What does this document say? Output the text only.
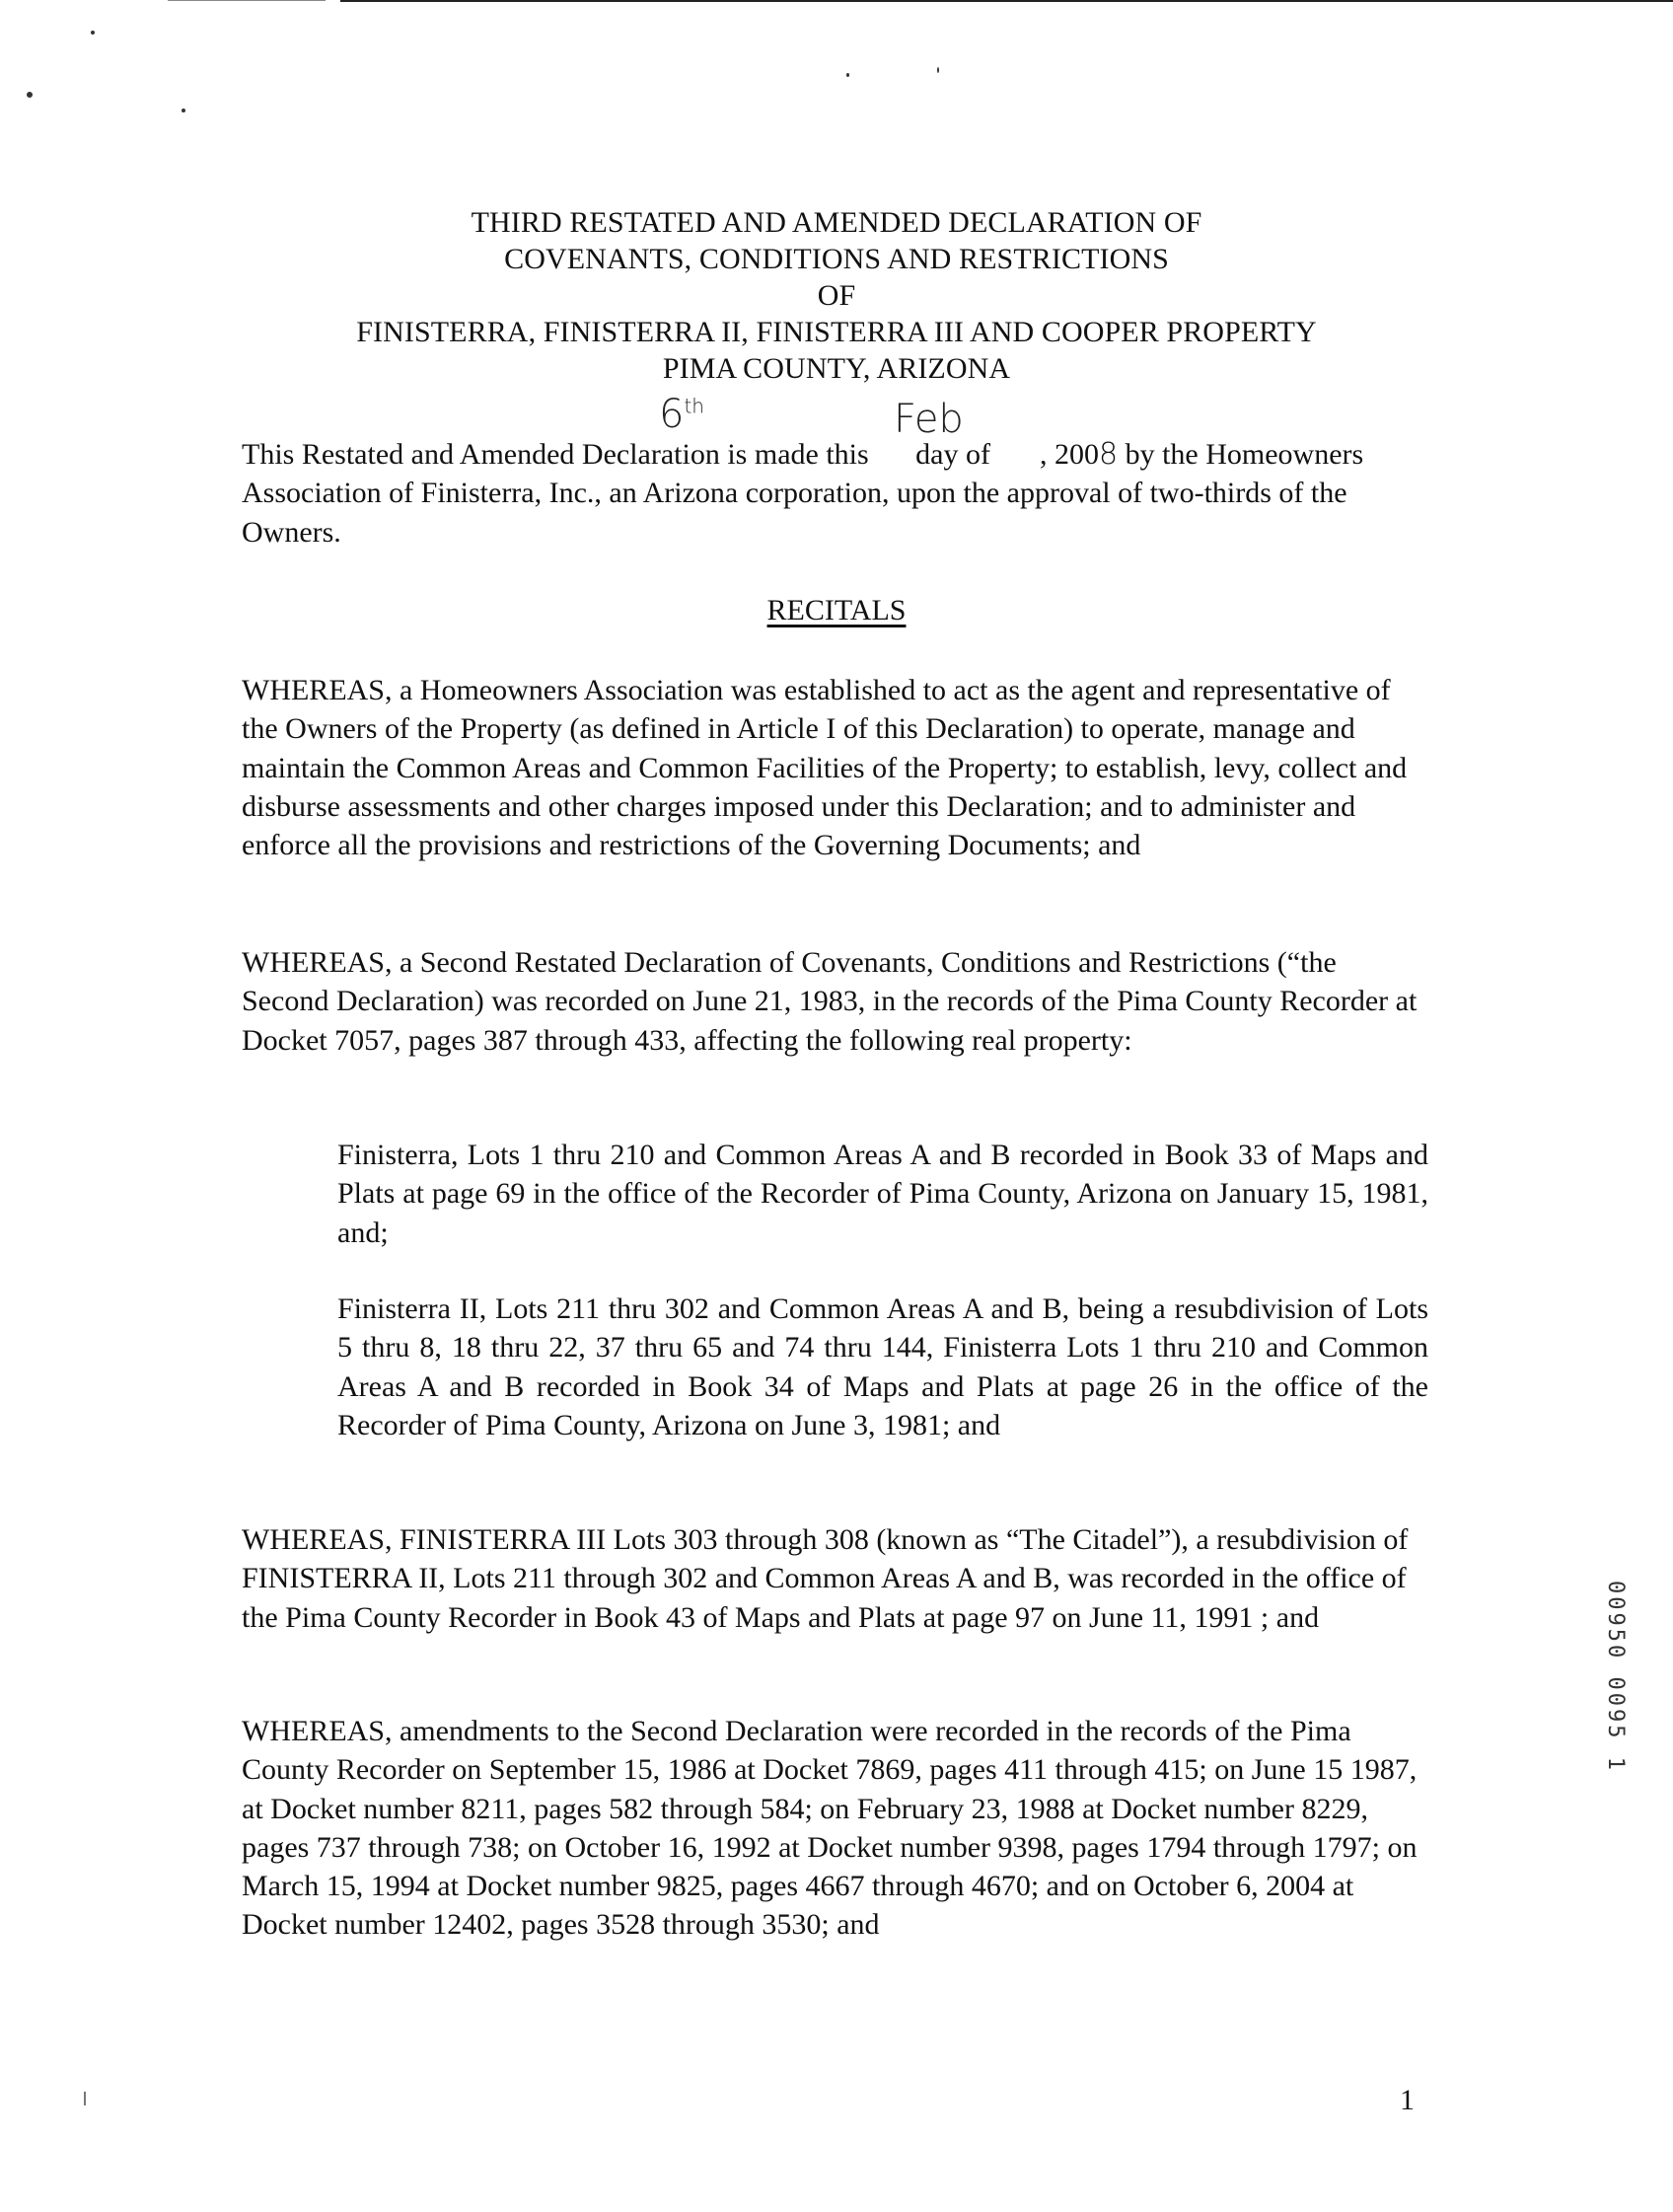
THIRD RESTATED AND AMENDED DECLARATION OF

COVENANTS, CONDITIONS AND RESTRICTIONS

OF

FINISTERRA, FINISTERRA II, FINISTERRA III AND COOPER PROPERTY

PIMA COUNTY, ARIZONA

6th	Feb

This Restated and Amended Declaration is made this day of , 2008 by the Homeowners Association of Finisterra, Inc., an Arizona corporation, upon the approval of two-thirds of the Owners.

RECITALS

WHEREAS, a Homeowners Association was established to act as the agent and representative of the Owners of the Property (as defined in Article I of this Declaration) to operate, manage and maintain the Common Areas and Common Facilities of the Property; to establish, levy, collect and disburse assessments and other charges imposed under this Declaration; and to administer and enforce all the provisions and restrictions of the Governing Documents; and

WHEREAS, a Second Restated Declaration of Covenants, Conditions and Restrictions (“the Second Declaration) was recorded on June 21, 1983, in the records of the Pima County Recorder at Docket 7057, pages 387 through 433, affecting the following real property:

Finisterra, Lots 1 thru 210 and Common Areas A and B recorded in Book 33 of Maps and Plats at page 69 in the office of the Recorder of Pima County, Arizona on January 15, 1981, and;

Finisterra II, Lots 211 thru 302 and Common Areas A and B, being a resubdivision of Lots 5 thru 8, 18 thru 22, 37 thru 65 and 74 thru 144, Finisterra Lots 1 thru 210 and Common Areas A and B recorded in Book 34 of Maps and Plats at page 26 in the office of the Recorder of Pima County, Arizona on June 3, 1981; and

WHEREAS, FINISTERRA III Lots 303 through 308 (known as “The Citadel”), a resubdivision of FINISTERRA II, Lots 211 through 302 and Common Areas A and B, was recorded in the office of the Pima County Recorder in Book 43 of Maps and Plats at page 97 on June 11, 1991 ; and

WHEREAS, amendments to the Second Declaration were recorded in the records of the Pima County Recorder on September 15, 1986 at Docket 7869, pages 411 through 415; on June 15 1987, at Docket number 8211, pages 582 through 584; on February 23, 1988 at Docket number 8229, pages 737 through 738; on October 16, 1992 at Docket number 9398, pages 1794 through 1797; on March 15, 1994 at Docket number 9825, pages 4667 through 4670; and on October 6, 2004 at Docket number 12402, pages 3528 through 3530; and

00950 0095 1

1
